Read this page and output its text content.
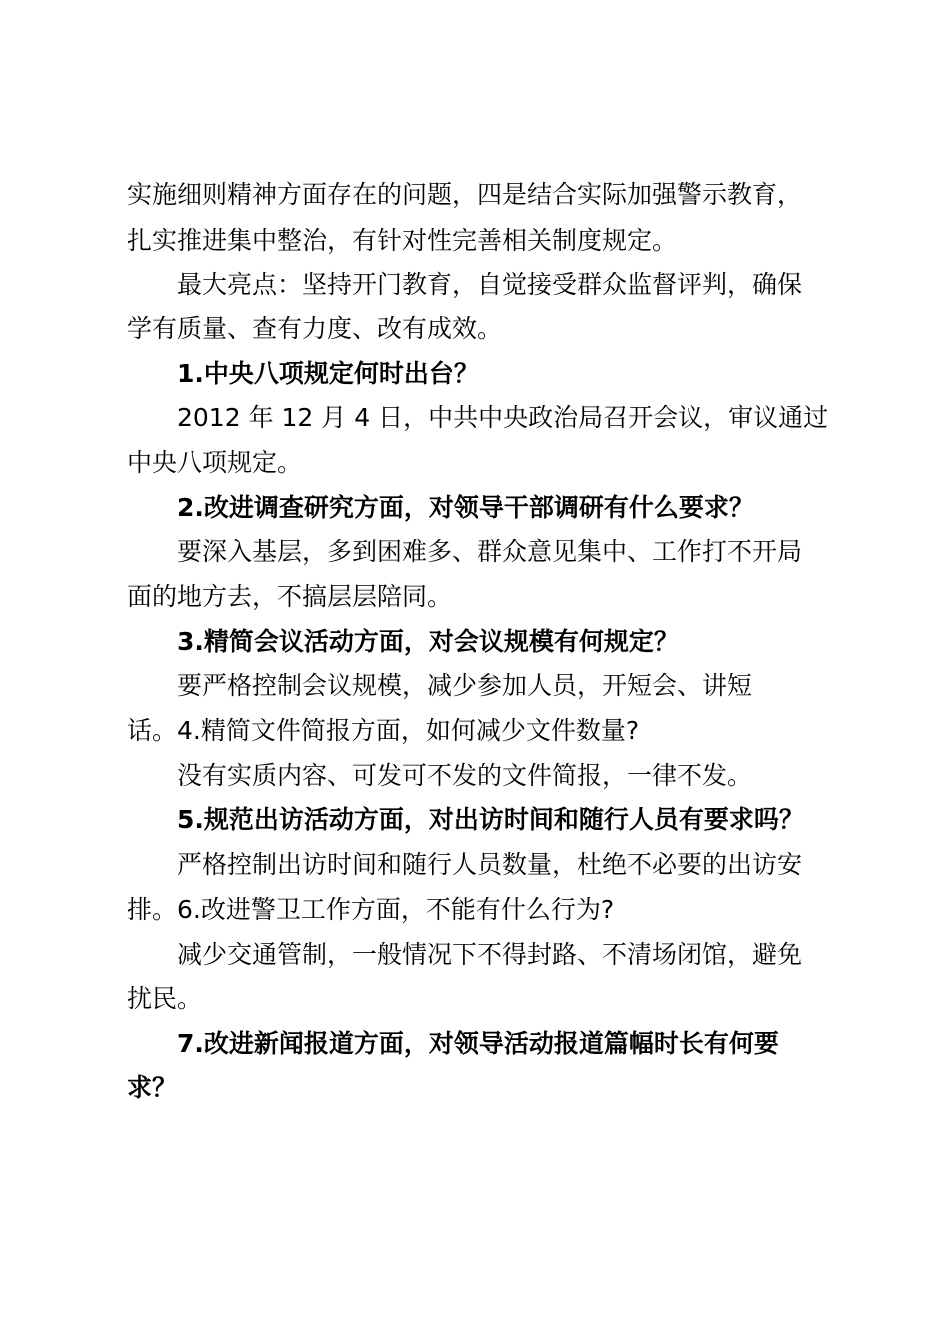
实施细则精神方面存在的问题，四是结合实际加强警示教育，
扎实推进集中整治，有针对性完善相关制度规定。
最大亮点：坚持开门教育，自觉接受群众监督评判，确保
学有质量、查有力度、改有成效。
1.中央八项规定何时出台？
2012 年 12 月 4 日，中共中央政治局召开会议，审议通过
中央八项规定。
2.改进调查研究方面，对领导干部调研有什么要求？
要深入基层，多到困难多、群众意见集中、工作打不开局
面的地方去，不搞层层陪同。
3.精简会议活动方面，对会议规模有何规定？
要严格控制会议规模，减少参加人员，开短会、讲短
话。4.精简文件简报方面，如何减少文件数量?
没有实质内容、可发可不发的文件简报，一律不发。
5.规范出访活动方面，对出访时间和随行人员有要求吗？
严格控制出访时间和随行人员数量，杜绝不必要的出访安
排。6.改进警卫工作方面，不能有什么行为?
减少交通管制，一般情况下不得封路、不清场闭馆，避免
扰民。
7.改进新闻报道方面，对领导活动报道篇幅时长有何要
求？
